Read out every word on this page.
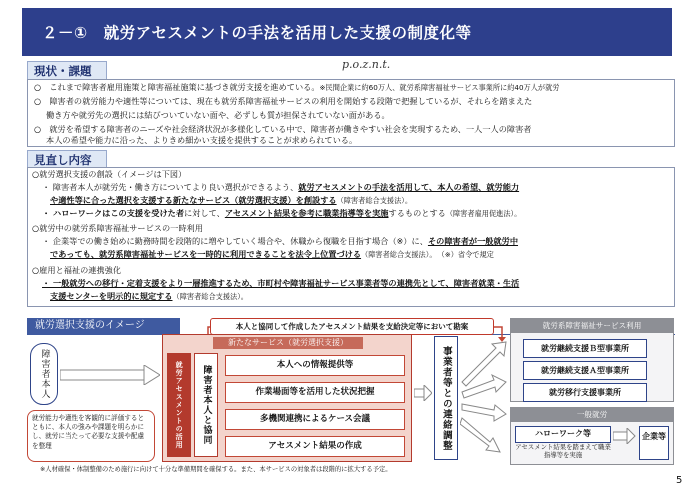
２－①　就労アセスメントの手法を活用した支援の制度化等
p.o.z.n.t.
現状・課題
○　これまで障害者雇用施策と障害福祉施策に基づき就労支援を進めている。※民間企業に約60万人、就労系障害福祉サービス事業所に約40万人が就労
○　障害者の就労能力や適性等については、現在も就労系障害福祉サービスの利用を開始する段階で把握しているが、それらを踏まえた
働き方や就労先の選択には結びついていない面や、必ずしも質が担保されていない面がある。
○　就労を希望する障害者のニーズや社会経済状況が多様化している中で、障害者が働きやすい社会を実現するため、一人一人の障害者
本人の希望や能力に沿った、よりきめ細かい支援を提供することが求められている。
見直し内容
○就労選択支援の創設（イメージは下図）
・ 障害者本人が就労先・働き方についてより良い選択ができるよう、就労アセスメントの手法を活用して、本人の希望、就労能力
や適性等に合った選択を支援する新たなサービス（就労選択支援）を創設する（障害者総合支援法）。
・ ハローワークはこの支援を受けた者に対して、アセスメント結果を参考に職業指導等を実施するものとする（障害者雇用促進法）。
○就労中の就労系障害福祉サービスの一時利用
・ 企業等での働き始めに勤務時間を段階的に増やしていく場合や、休職から復職を目指す場合（※）に、その障害者が一般就労中
であっても、就労系障害福祉サービスを一時的に利用できることを法令上位置づける（障害者総合支援法）。　 （※）省令で規定
○雇用と福祉の連携強化
・ 一般就労への移行・定着支援をより一層推進するため、市町村や障害福祉サービス事業者等の連携先として、障害者就業・生活
支援センターを明示的に規定する（障害者総合支援法）。
就労選択支援のイメージ
障害者本人
就労能力や適性を客観的に評価するとともに、本人の強みや課題を明らかにし、就労に当たって必要な支援や配慮を整理
本人と協同して作成したアセスメント結果を支給決定等において勘案
新たなサービス（就労選択支援）
就労アセスメントの活用 障害者本人と協同	本人への情報提供等
作業場面等を活用した状況把握
多機関連携によるケース会議
アセスメント結果の作成	事業者等との連絡調整
就労系障害福祉サービス利用
就労継続支援Ｂ型事業所
就労継続支援Ａ型事業所
就労移行支援事業所
一般就労
ハローワーク等
アセスメント結果を踏まえて職業指導等を実施
企業等
※人材確保・体制整備のため施行に向けて十分な準備期間を確保する。また、本サービスの対象者は段階的に拡大する予定。
5
